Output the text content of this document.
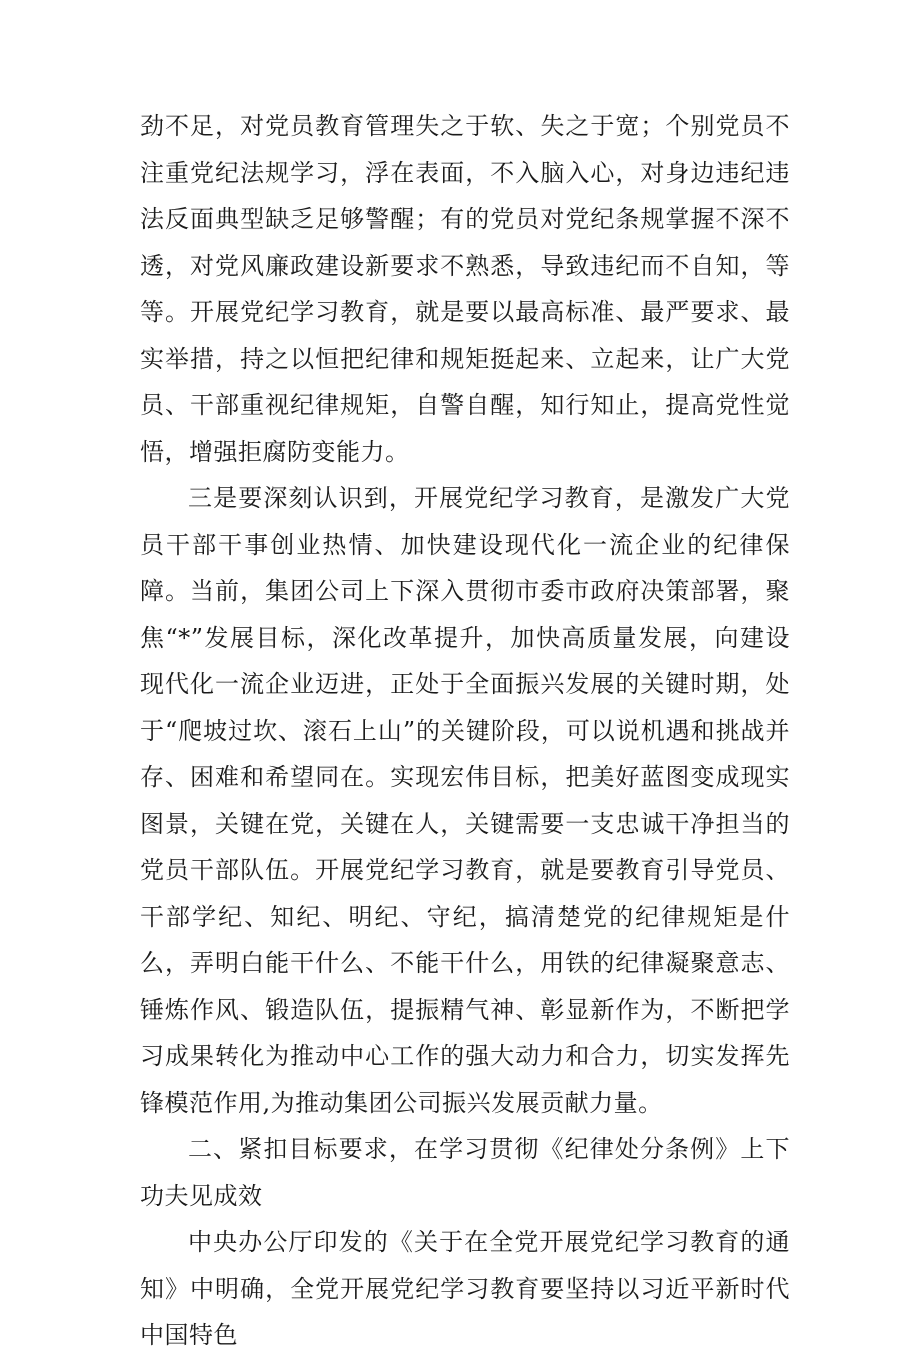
劲不足，对党员教育管理失之于软、失之于宽；个别党员不注重党纪法规学习，浮在表面，不入脑入心，对身边违纪违法反面典型缺乏足够警醒；有的党员对党纪条规掌握不深不透，对党风廉政建设新要求不熟悉，导致违纪而不自知，等等。开展党纪学习教育，就是要以最高标准、最严要求、最实举措，持之以恒把纪律和规矩挺起来、立起来，让广大党员、干部重视纪律规矩，自警自醒，知行知止，提高党性觉悟，增强拒腐防变能力。

三是要深刻认识到，开展党纪学习教育，是激发广大党员干部干事创业热情、加快建设现代化一流企业的纪律保障。当前，集团公司上下深入贯彻市委市政府决策部署，聚焦“*”发展目标，深化改革提升，加快高质量发展，向建设现代化一流企业迈进，正处于全面振兴发展的关键时期，处于“爬坡过坎、滚石上山”的关键阶段，可以说机遇和挑战并存、困难和希望同在。实现宏伟目标，把美好蓝图变成现实图景，关键在党，关键在人，关键需要一支忠诚干净担当的党员干部队伍。开展党纪学习教育，就是要教育引导党员、干部学纪、知纪、明纪、守纪，搞清楚党的纪律规矩是什么，弄明白能干什么、不能干什么，用铁的纪律凝聚意志、锤炼作风、锻造队伍，提振精气神、彰显新作为，不断把学习成果转化为推动中心工作的强大动力和合力，切实发挥先锋模范作用,为推动集团公司振兴发展贡献力量。

二、紧扣目标要求，在学习贯彻《纪律处分条例》上下功夫见成效

中央办公厅印发的《关于在全党开展党纪学习教育的通知》中明确，全党开展党纪学习教育要坚持以习近平新时代中国特色
